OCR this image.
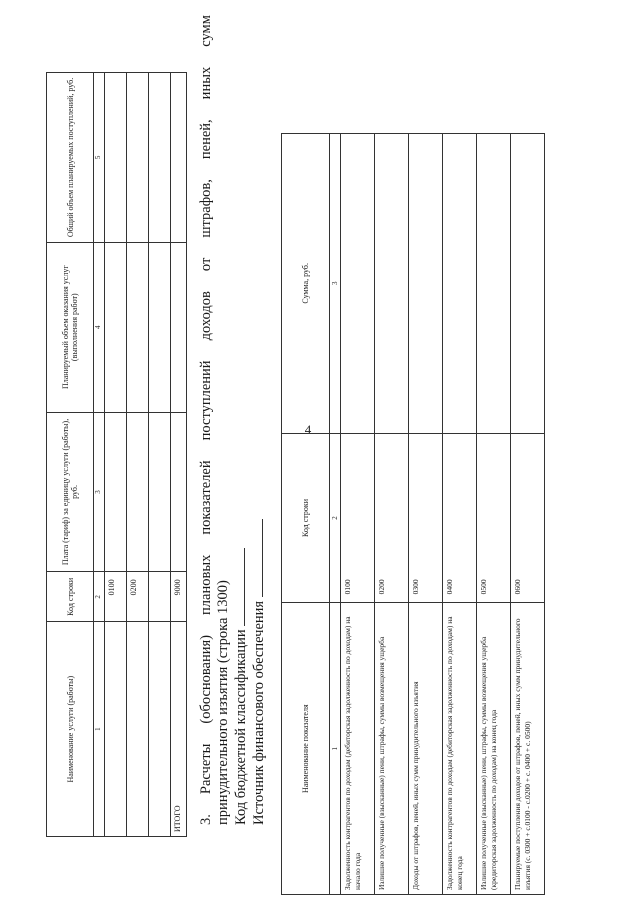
4
Наименование услуги (работы)	Код строки	Плата (тариф) за единицу услуги (работы), руб.	Планируемый объем оказания услуг (выполнения работ)	Общий объем планируемых поступлений, руб.
1	2	3	4	5
	0100			
	0200			

ИТОГО	9000			
3.
Расчеты
(обоснования)
плановых
показателей
поступлений
доходов
от
штрафов,
пеней,
иных
сумм
принудительного изъятия (строка 1300) Код бюджетной классификации Источник финансового обеспечения	Наименование показателя	Код строки	Сумма, руб.
1	2	3
Задолженность контрагентов по доходам (дебиторская задолженность по доходам) на начало года	0100	
Излишне полученные (взысканные) пени, штрафы, суммы возмещения ущерба	0200	
Доходы от штрафов, пеней, иных сумм принудительного изъятия	0300	
Задолженность контрагентов по доходам (дебиторская задолженность по доходам) на конец года	0400	
Излишне полученные (взысканные) пени, штрафы, суммы возмещения ущерба (кредиторская задолженность по доходам) на конец года	0500	
Планируемые поступления доходов от штрафов, пеней, иных сумм принудительного изъятия (с. 0300 + с.0100 - с.0200 + с. 0400 + с. 0500)	0600	
